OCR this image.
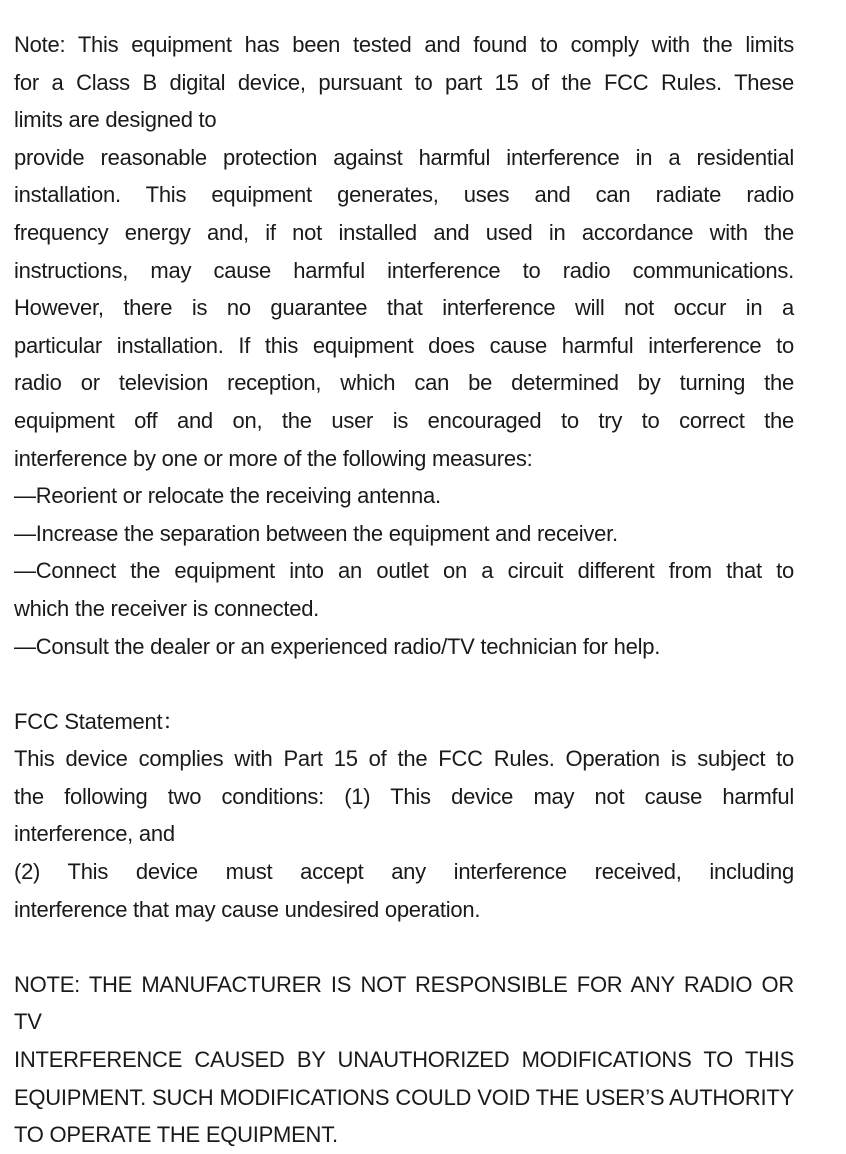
Note: This equipment has been tested and found to comply with the limits
for a Class B digital device, pursuant to part 15 of the FCC Rules. These
limits are designed to
provide reasonable protection against harmful interference in a residential
installation. This equipment generates, uses and can radiate radio
frequency energy and, if not installed and used in accordance with the
instructions, may cause harmful interference to radio communications.
However, there is no guarantee that interference will not occur in a
particular installation. If this equipment does cause harmful interference to
radio or television reception, which can be determined by turning the
equipment off and on, the user is encouraged to try to correct the
interference by one or more of the following measures:
—Reorient or relocate the receiving antenna.
—Increase the separation between the equipment and receiver.
—Connect the equipment into an outlet on a circuit different from that to
which the receiver is connected.
—Consult the dealer or an experienced radio/TV technician for help.
FCC Statement：
This device complies with Part 15 of the FCC Rules. Operation is subject to
the following two conditions: (1) This device may not cause harmful
interference, and
(2) This device must accept any interference received, including
interference that may cause undesired operation.
NOTE: THE MANUFACTURER IS NOT RESPONSIBLE FOR ANY RADIO OR TV
INTERFERENCE CAUSED BY UNAUTHORIZED MODIFICATIONS TO THIS
EQUIPMENT. SUCH MODIFICATIONS COULD VOID THE USER’S AUTHORITY
TO OPERATE THE EQUIPMENT.
